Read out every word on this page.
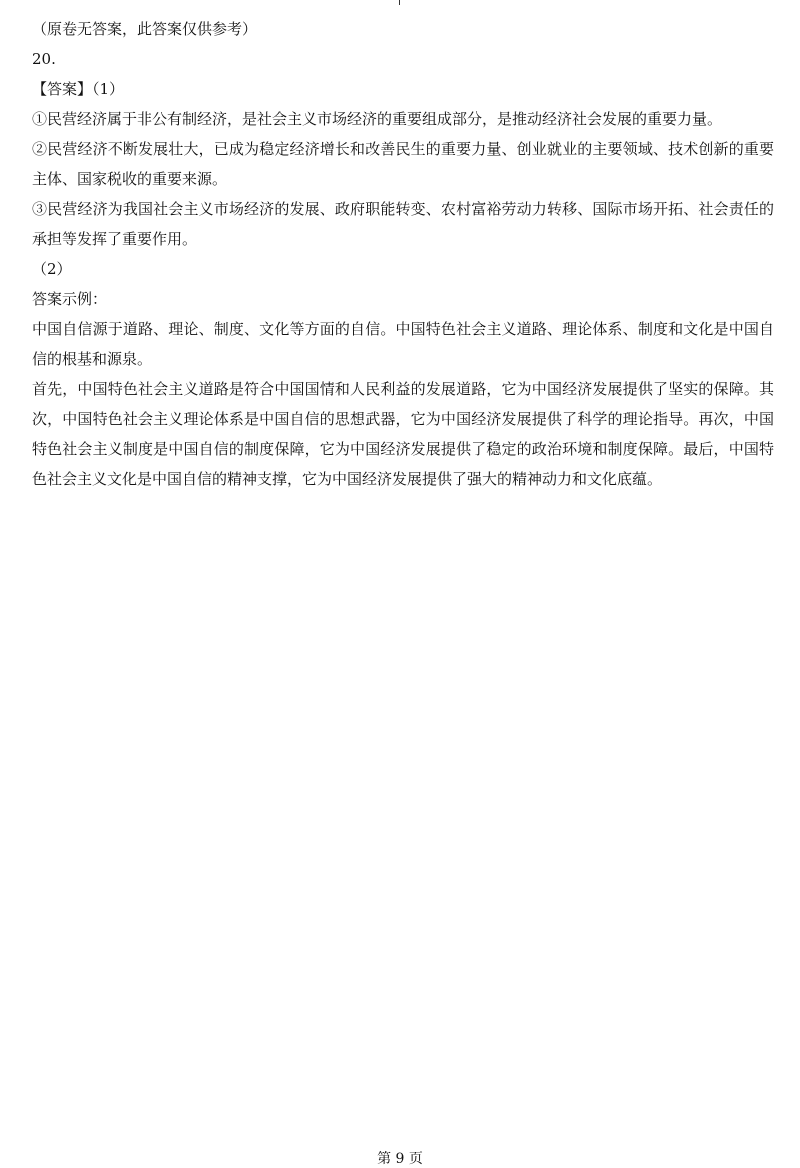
（原卷无答案，此答案仅供参考）
20.
【答案】（1）
①民营经济属于非公有制经济，是社会主义市场经济的重要组成部分，是推动经济社会发展的重要力量。
②民营经济不断发展壮大，已成为稳定经济增长和改善民生的重要力量、创业就业的主要领域、技术创新的重要主体、国家税收的重要来源。
③民营经济为我国社会主义市场经济的发展、政府职能转变、农村富裕劳动力转移、国际市场开拓、社会责任的承担等发挥了重要作用。
（2）
答案示例：
中国自信源于道路、理论、制度、文化等方面的自信。中国特色社会主义道路、理论体系、制度和文化是中国自信的根基和源泉。
首先，中国特色社会主义道路是符合中国国情和人民利益的发展道路，它为中国经济发展提供了坚实的保障。其次，中国特色社会主义理论体系是中国自信的思想武器，它为中国经济发展提供了科学的理论指导。再次，中国特色社会主义制度是中国自信的制度保障，它为中国经济发展提供了稳定的政治环境和制度保障。最后，中国特色社会主义文化是中国自信的精神支撑，它为中国经济发展提供了强大的精神动力和文化底蕴。
第 9 页
